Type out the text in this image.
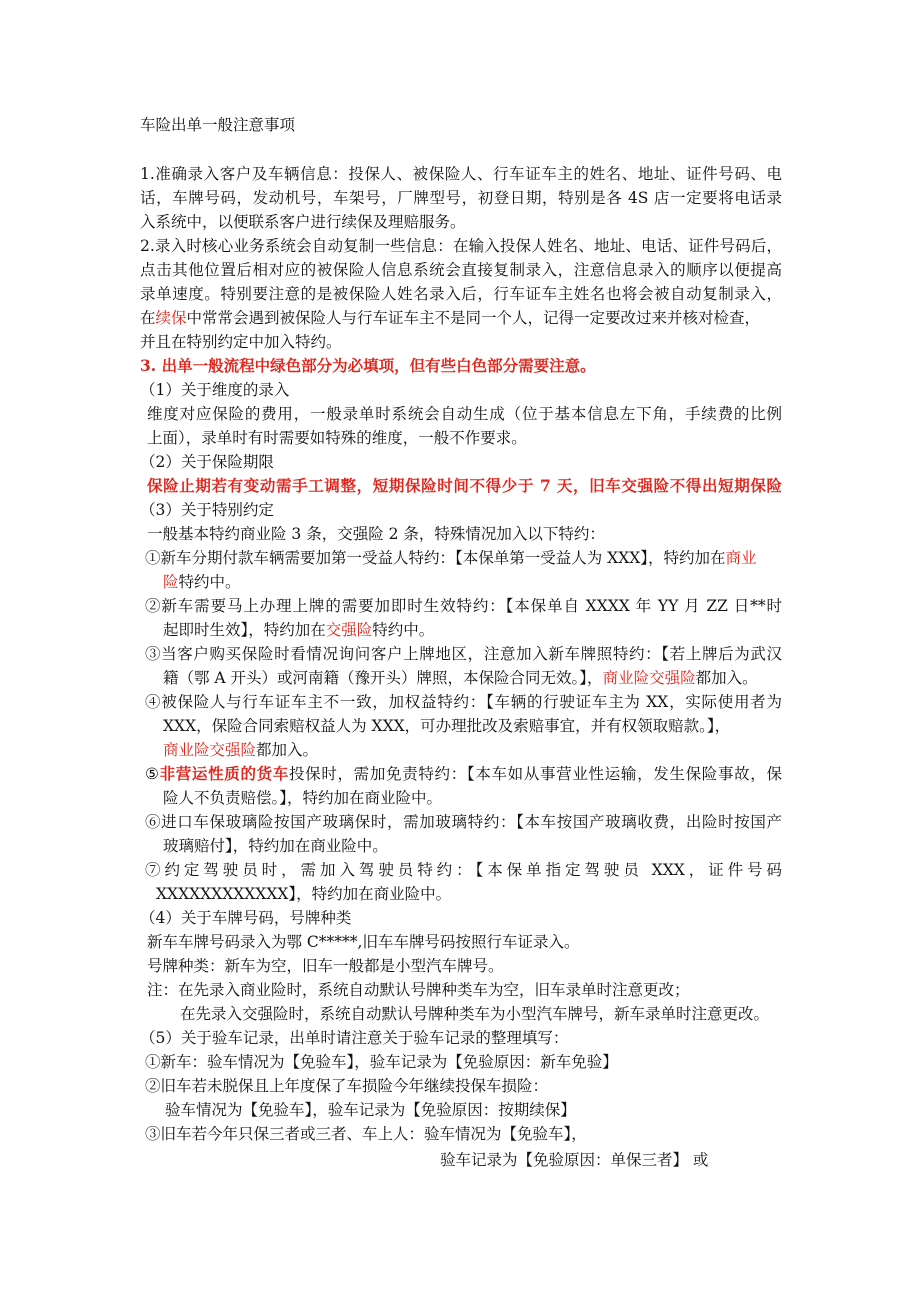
车险出单一般注意事项
1.准确录入客户及车辆信息：投保人、被保险人、行车证车主的姓名、地址、证件号码、电
话，车牌号码，发动机号，车架号，厂牌型号，初登日期，特别是各 4S 店一定要将电话录
入系统中，以便联系客户进行续保及理赔服务。
2.录入时核心业务系统会自动复制一些信息：在输入投保人姓名、地址、电话、证件号码后，
点击其他位置后相对应的被保险人信息系统会直接复制录入，注意信息录入的顺序以便提高
录单速度。特别要注意的是被保险人姓名录入后，行车证车主姓名也将会被自动复制录入，
在续保中常常会遇到被保险人与行车证车主不是同一个人，记得一定要改过来并核对检查，
并且在特别约定中加入特约。
3. 出单一般流程中绿色部分为必填项，但有些白色部分需要注意。
（1）关于维度的录入
维度对应保险的费用，一般录单时系统会自动生成（位于基本信息左下角，手续费的比例
上面），录单时有时需要如特殊的维度，一般不作要求。
（2）关于保险期限
保险止期若有变动需手工调整，短期保险时间不得少于 7 天，旧车交强险不得出短期保险
（3）关于特别约定
一般基本特约商业险 3 条，交强险 2 条，特殊情况加入以下特约：
①新车分期付款车辆需要加第一受益人特约：【本保单第一受益人为 XXX】，特约加在商业
险特约中。
②新车需要马上办理上牌的需要加即时生效特约：【本保单自 XXXX 年 YY 月 ZZ 日**时
起即时生效】，特约加在交强险特约中。
③当客户购买保险时看情况询问客户上牌地区，注意加入新车牌照特约：【若上牌后为武汉
籍（鄂 A 开头）或河南籍（豫开头）牌照，本保险合同无效。】，商业险交强险都加入。
④被保险人与行车证车主不一致，加权益特约：【车辆的行驶证车主为 XX，实际使用者为
XXX，保险合同索赔权益人为 XXX，可办理批改及索赔事宜，并有权领取赔款。】，
商业险交强险都加入。
⑤非营运性质的货车投保时，需加免责特约：【本车如从事营业性运输，发生保险事故，保
险人不负责赔偿。】，特约加在商业险中。
⑥进口车保玻璃险按国产玻璃保时，需加玻璃特约：【本车按国产玻璃收费，出险时按国产
玻璃赔付】，特约加在商业险中。
⑦约定驾驶员时，需加入驾驶员特约：【本保单指定驾驶员 XXX，证件号码
XXXXXXXXXXXX】，特约加在商业险中。
（4）关于车牌号码，号牌种类
新车车牌号码录入为鄂 C*****,旧车车牌号码按照行车证录入。
号牌种类：新车为空，旧车一般都是小型汽车牌号。
注：在先录入商业险时，系统自动默认号牌种类车为空，旧车录单时注意更改；
在先录入交强险时，系统自动默认号牌种类车为小型汽车牌号，新车录单时注意更改。
（5）关于验车记录，出单时请注意关于验车记录的整理填写：
①新车：验车情况为【免验车】，验车记录为【免验原因：新车免验】
②旧车若未脱保且上年度保了车损险今年继续投保车损险：
验车情况为【免验车】，验车记录为【免验原因：按期续保】
③旧车若今年只保三者或三者、车上人：验车情况为【免验车】，
验车记录为【免验原因：单保三者】 或
